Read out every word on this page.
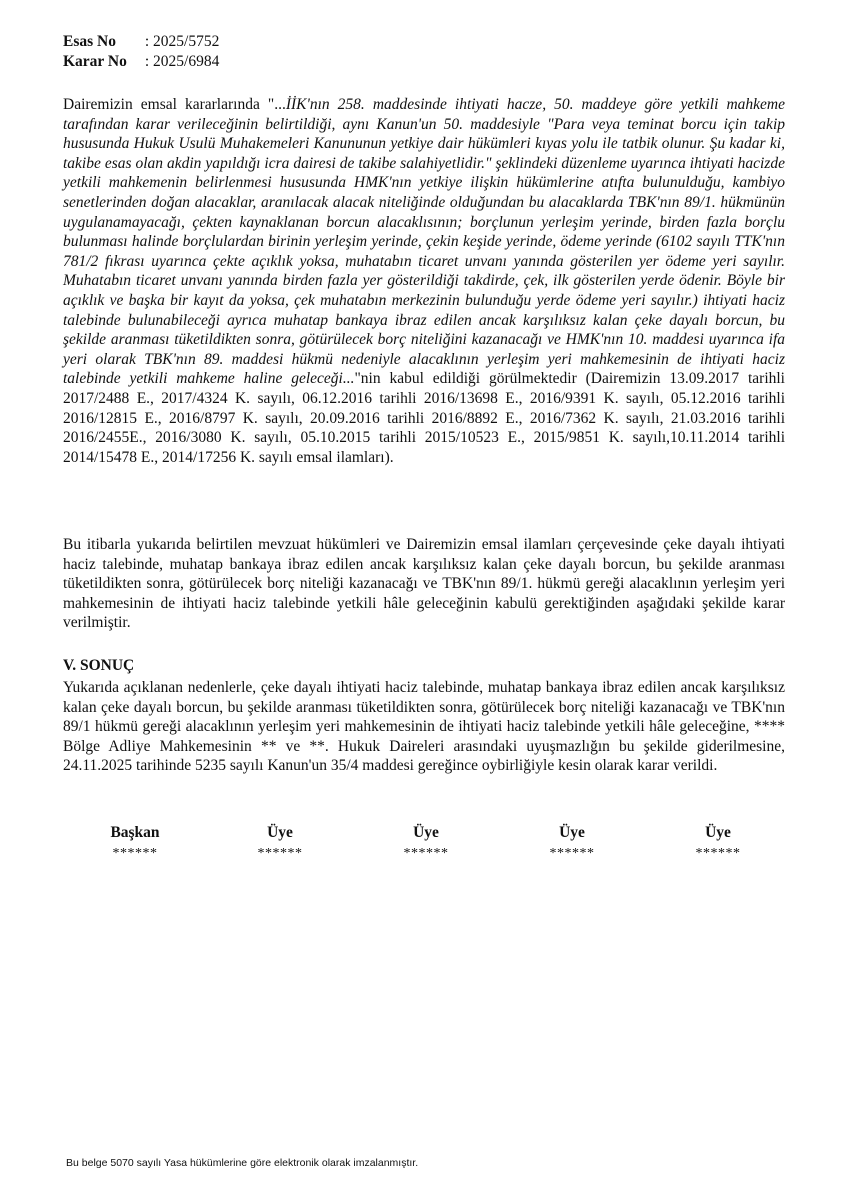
Esas No : 2025/5752
Karar No : 2025/6984

Dairemizin emsal kararlarında "...İİK'nın 258. maddesinde ihtiyati hacze, 50. maddeye göre yetkili mahkeme tarafından karar verileceğinin belirtildiği, aynı Kanun'un 50. maddesiyle "Para veya teminat borcu için takip hususunda Hukuk Usulü Muhakemeleri Kanununun yetkiye dair hükümleri kıyas yolu ile tatbik olunur. Şu kadar ki, takibe esas olan akdin yapıldığı icra dairesi de takibe salahiyetlidir." şeklindeki düzenleme uyarınca ihtiyati hacizde yetkili mahkemenin belirlenmesi hususunda HMK'nın yetkiye ilişkin hükümlerine atıfta bulunulduğu, kambiyo senetlerinden doğan alacaklar, aranılacak alacak niteliğinde olduğundan bu alacaklarda TBK'nın 89/1. hükmünün uygulanamayacağı, çekten kaynaklanan borcun alacaklısının; borçlunun yerleşim yerinde, birden fazla borçlu bulunması halinde borçlulardan birinin yerleşim yerinde, çekin keşide yerinde, ödeme yerinde (6102 sayılı TTK'nın 781/2 fıkrası uyarınca çekte açıklık yoksa, muhatabın ticaret unvanı yanında gösterilen yer ödeme yeri sayılır. Muhatabın ticaret unvanı yanında birden fazla yer gösterildiği takdirde, çek, ilk gösterilen yerde ödenir. Böyle bir açıklık ve başka bir kayıt da yoksa, çek muhatabın merkezinin bulunduğu yerde ödeme yeri sayılır.) ihtiyati haciz talebinde bulunabileceği ayrıca muhatap bankaya ibraz edilen ancak karşılıksız kalan çeke dayalı borcun, bu şekilde aranması tüketildikten sonra, götürülecek borç niteliğini kazanacağı ve HMK'nın 10. maddesi uyarınca ifa yeri olarak TBK'nın 89. maddesi hükmü nedeniyle alacaklının yerleşim yeri mahkemesinin de ihtiyati haciz talebinde yetkili mahkeme haline geleceği..."nin kabul edildiği görülmektedir (Dairemizin 13.09.2017 tarihli 2017/2488 E., 2017/4324 K. sayılı, 06.12.2016 tarihli 2016/13698 E., 2016/9391 K. sayılı, 05.12.2016 tarihli 2016/12815 E., 2016/8797 K. sayılı, 20.09.2016 tarihli 2016/8892 E., 2016/7362 K. sayılı, 21.03.2016 tarihli 2016/2455E., 2016/3080 K. sayılı, 05.10.2015 tarihli 2015/10523 E., 2015/9851 K. sayılı,10.11.2014 tarihli 2014/15478 E., 2014/17256 K. sayılı emsal ilamları).

Bu itibarla yukarıda belirtilen mevzuat hükümleri ve Dairemizin emsal ilamları çerçevesinde çeke dayalı ihtiyati haciz talebinde, muhatap bankaya ibraz edilen ancak karşılıksız kalan çeke dayalı borcun, bu şekilde aranması tüketildikten sonra, götürülecek borç niteliği kazanacağı ve TBK'nın 89/1. hükmü gereği alacaklının yerleşim yeri mahkemesinin de ihtiyati haciz talebinde yetkili hâle geleceğinin kabulü gerektiğinden aşağıdaki şekilde karar verilmiştir.

V. SONUÇ

Yukarıda açıklanan nedenlerle, çeke dayalı ihtiyati haciz talebinde, muhatap bankaya ibraz edilen ancak karşılıksız kalan çeke dayalı borcun, bu şekilde aranması tüketildikten sonra, götürülecek borç niteliği kazanacağı ve TBK'nın 89/1 hükmü gereği alacaklının yerleşim yeri mahkemesinin de ihtiyati haciz talebinde yetkili hâle geleceğine, **** Bölge Adliye Mahkemesinin ** ve **. Hukuk Daireleri arasındaki uyuşmazlığın bu şekilde giderilmesine, 24.11.2025 tarihinde 5235 sayılı Kanun'un 35/4 maddesi gereğince oybirliğiyle kesin olarak karar verildi.

Başkan
******
Üye
******
Üye
******
Üye
******
Üye
******
Bu belge 5070 sayılı Yasa hükümlerine göre elektronik olarak imzalanmıştır.
